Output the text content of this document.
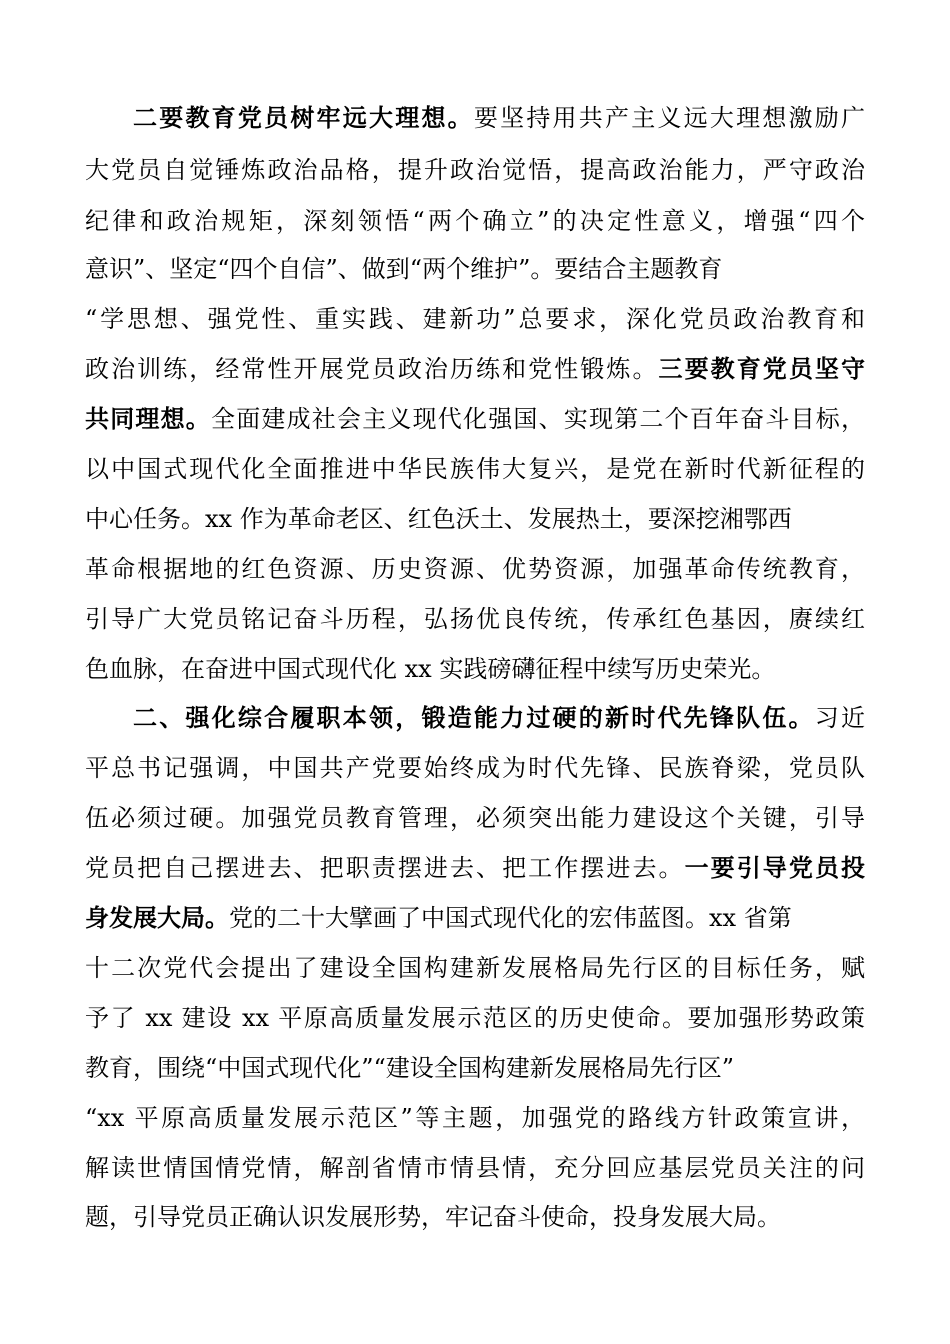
二要教育党员树牢远大理想。要坚持用共产主义远大理想激励广
大党员自觉锤炼政治品格，提升政治觉悟，提高政治能力，严守政治
纪律和政治规矩，深刻领悟“两个确立”的决定性意义，增强“四个
意识”、坚定“四个自信”、做到“两个维护”。要结合主题教育
“学思想、强党性、重实践、建新功”总要求，深化党员政治教育和
政治训练，经常性开展党员政治历练和党性锻炼。三要教育党员坚守
共同理想。全面建成社会主义现代化强国、实现第二个百年奋斗目标，
以中国式现代化全面推进中华民族伟大复兴，是党在新时代新征程的
中心任务。xx 作为革命老区、红色沃土、发展热土，要深挖湘鄂西
革命根据地的红色资源、历史资源、优势资源，加强革命传统教育，
引导广大党员铭记奋斗历程，弘扬优良传统，传承红色基因，赓续红
色血脉，在奋进中国式现代化 xx 实践磅礴征程中续写历史荣光。
二、强化综合履职本领，锻造能力过硬的新时代先锋队伍。习近
平总书记强调，中国共产党要始终成为时代先锋、民族脊梁，党员队
伍必须过硬。加强党员教育管理，必须突出能力建设这个关键，引导
党员把自己摆进去、把职责摆进去、把工作摆进去。一要引导党员投
身发展大局。党的二十大擘画了中国式现代化的宏伟蓝图。xx 省第
十二次党代会提出了建设全国构建新发展格局先行区的目标任务，赋
予了 xx 建设 xx 平原高质量发展示范区的历史使命。要加强形势政策
教育，围绕“中国式现代化”“建设全国构建新发展格局先行区”
“xx 平原高质量发展示范区”等主题，加强党的路线方针政策宣讲，
解读世情国情党情，解剖省情市情县情，充分回应基层党员关注的问
题，引导党员正确认识发展形势，牢记奋斗使命，投身发展大局。
